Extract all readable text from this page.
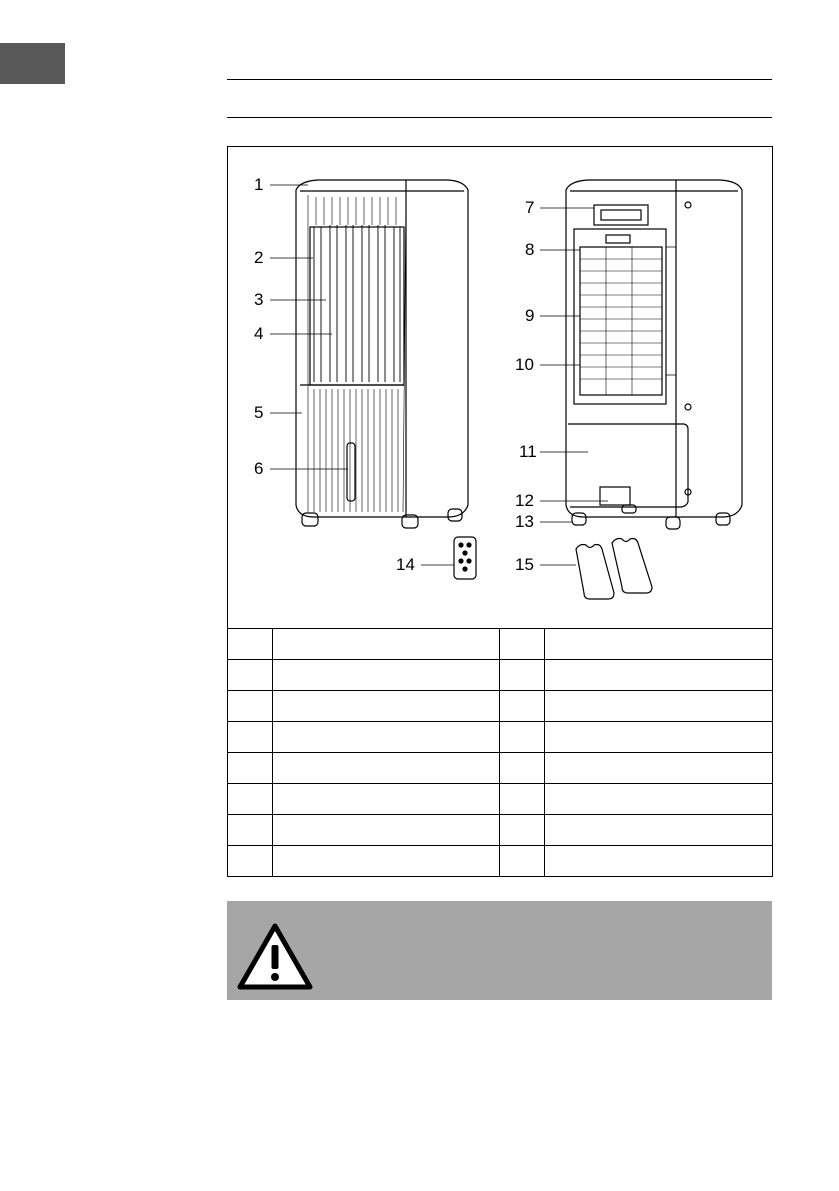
1
2
3
4
5
6
7
8
9
10
11
12
13
14	15
